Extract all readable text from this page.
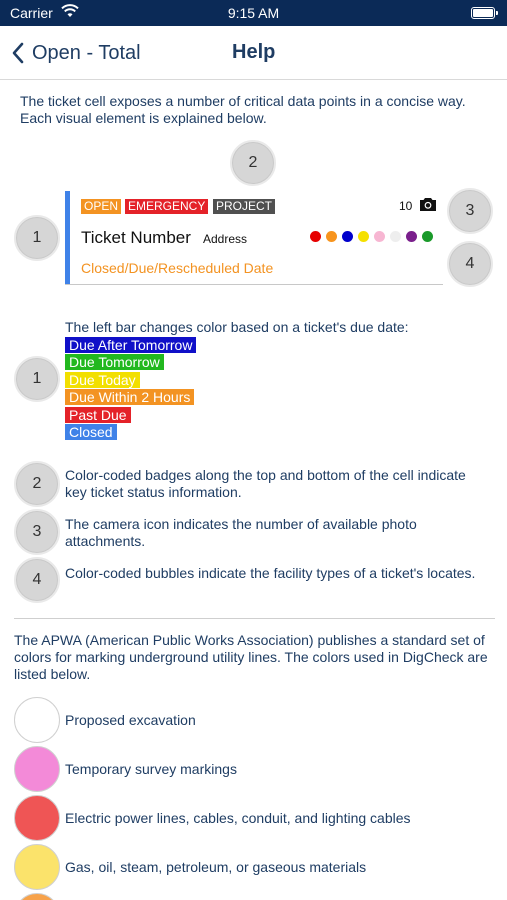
Carrier	9:15 AM
Open - Total	Help

The ticket cell exposes a number of critical data points in a concise way. Each visual element is explained below.

2
1
3
4
OPEN EMERGENCY PROJECT	10
Ticket Number Address
Closed/Due/Rescheduled Date
1

The left bar changes color based on a ticket's due date:

Due After Tomorrow
Due Tomorrow
Due Today
Due Within 2 Hours
Past Due
Closed
2 Color-coded badges along the top and bottom of the cell indicate key ticket status information.

3 The camera icon indicates the number of available photo attachments.

4 Color-coded bubbles indicate the facility types of a ticket's locates.

The APWA (American Public Works Association) publishes a standard set of colors for marking underground utility lines. The colors used in DigCheck are listed below.

Proposed excavation
Temporary survey markings
Electric power lines, cables, conduit, and lighting cables
Gas, oil, steam, petroleum, or gaseous materials
